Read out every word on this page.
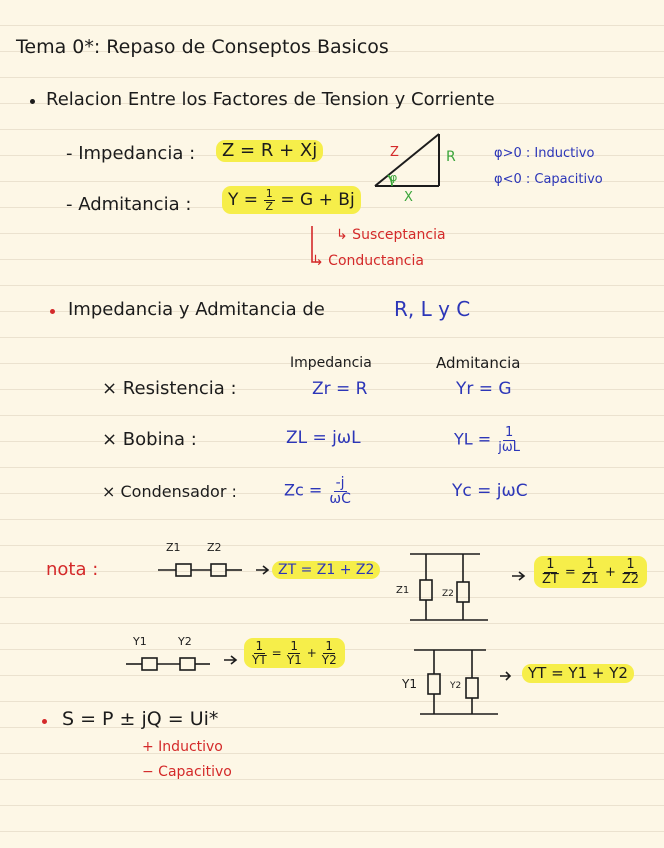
Tema 0*: Repaso de Conseptos Basicos
Relacion Entre los Factores de Tension y Corriente
- Impedancia :	Z = R + Xj
- Admitancia :	$Y = \frac{1}{Z} = G + Bj$
Z	R
X
φ
φ>0 : Inductivo
φ<0 : Capacitivo
↳ Susceptancia
↳ Conductancia
Impedancia y Admitancia de	R, L y C
Impedancia	Admitancia
× Resistencia :	Zr = R	Yr = G
× Bobina :	ZL = jωL	YL = $\frac{1}{\text{jωL}}$
× Condensador :	$Zc = \frac{-j}{\omega C}$	Yc = jωC
nota :
Z1 Z2
ZT = Z1 + Z2
Z1	Z2
$\frac{1}{ZT} = \frac{1}{Z1} + \frac{1}{Z2}$
Y1	Y2	$\frac{1}{YT} = \frac{1}{Y1} + \frac{1}{Y2}$
Y1	Y2
YT = Y1 + Y2
S = P ± jQ = Ui*
+ Inductivo
− Capacitivo
